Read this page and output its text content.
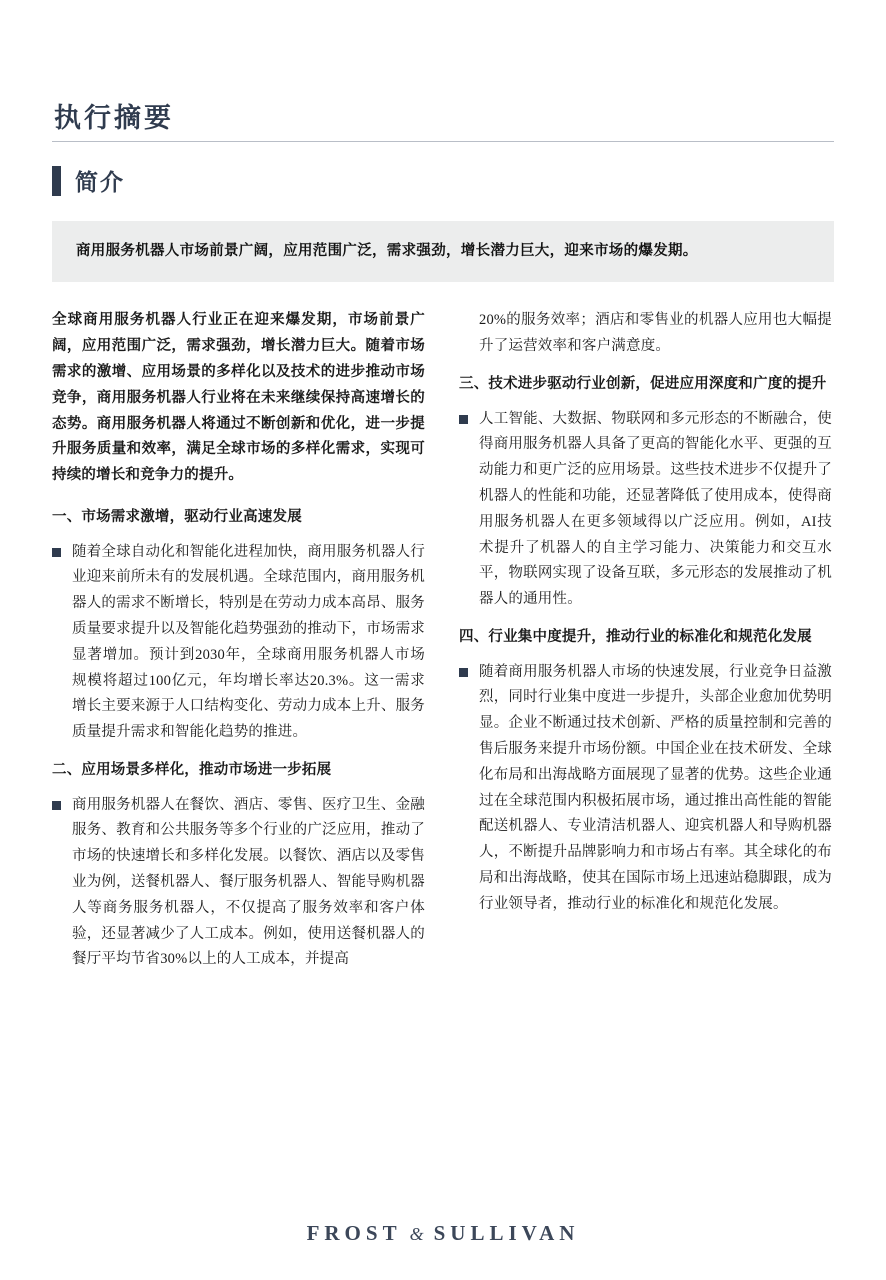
执行摘要
简介
商用服务机器人市场前景广阔，应用范围广泛，需求强劲，增长潜力巨大，迎来市场的爆发期。

全球商用服务机器人行业正在迎来爆发期，市场前景广阔，应用范围广泛，需求强劲，增长潜力巨大。随着市场需求的激增、应用场景的多样化以及技术的进步推动市场竞争，商用服务机器人行业将在未来继续保持高速增长的态势。商用服务机器人将通过不断创新和优化，进一步提升服务质量和效率，满足全球市场的多样化需求，实现可持续的增长和竞争力的提升。

一、市场需求激增，驱动行业高速发展
随着全球自动化和智能化进程加快，商用服务机器人行业迎来前所未有的发展机遇。全球范围内，商用服务机器人的需求不断增长，特别是在劳动力成本高昂、服务质量要求提升以及智能化趋势强劲的推动下，市场需求显著增加。预计到2030年，全球商用服务机器人市场规模将超过100亿元，年均增长率达20.3%。这一需求增长主要来源于人口结构变化、劳动力成本上升、服务质量提升需求和智能化趋势的推进。
二、应用场景多样化，推动市场进一步拓展
商用服务机器人在餐饮、酒店、零售、医疗卫生、金融服务、教育和公共服务等多个行业的广泛应用，推动了市场的快速增长和多样化发展。以餐饮、酒店以及零售业为例，送餐机器人、餐厅服务机器人、智能导购机器人等商务服务机器人，不仅提高了服务效率和客户体验，还显著减少了人工成本。例如，使用送餐机器人的餐厅平均节省30%以上的人工成本，并提高

20%的服务效率；酒店和零售业的机器人应用也大幅提升了运营效率和客户满意度。

三、技术进步驱动行业创新，促进应用深度和广度的提升
人工智能、大数据、物联网和多元形态的不断融合，使得商用服务机器人具备了更高的智能化水平、更强的互动能力和更广泛的应用场景。这些技术进步不仅提升了机器人的性能和功能，还显著降低了使用成本，使得商用服务机器人在更多领域得以广泛应用。例如，AI技术提升了机器人的自主学习能力、决策能力和交互水平，物联网实现了设备互联，多元形态的发展推动了机器人的通用性。
四、行业集中度提升，推动行业的标准化和规范化发展
随着商用服务机器人市场的快速发展，行业竞争日益激烈，同时行业集中度进一步提升，头部企业愈加优势明显。企业不断通过技术创新、严格的质量控制和完善的售后服务来提升市场份额。中国企业在技术研发、全球化布局和出海战略方面展现了显著的优势。这些企业通过在全球范围内积极拓展市场，通过推出高性能的智能配送机器人、专业清洁机器人、迎宾机器人和导购机器人，不断提升品牌影响力和市场占有率。其全球化的布局和出海战略，使其在国际市场上迅速站稳脚跟，成为行业领导者，推动行业的标准化和规范化发展。
FROST & SULLIVAN
